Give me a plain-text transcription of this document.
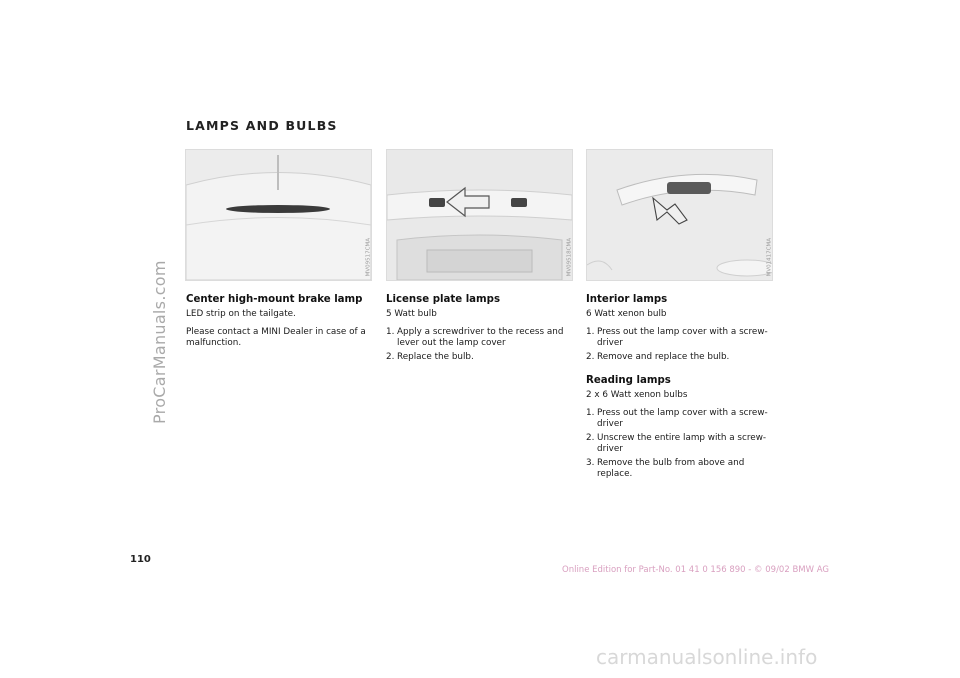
ProCarManuals.com
LAMPS AND BULBS
MV09517CMA	MV09518CMA	MV01417CMA
Center high-mount brake lamp

LED strip on the tailgate.

Please contact a MINI Dealer in case of a malfunction.

License plate lamps

5 Watt bulb

1. Apply a screwdriver to the recess and lever out the lamp cover
2. Replace the bulb.
Interior lamps

6 Watt xenon bulb

1. Press out the lamp cover with a screw-driver
2. Remove and replace the bulb.
Reading lamps

2 x 6 Watt xenon bulbs

1. Press out the lamp cover with a screw-driver
2. Unscrew the entire lamp with a screw-driver
3. Remove the bulb from above and replace.
110
Online Edition for Part-No. 01 41 0 156 890 - © 09/02 BMW AG
carmanualsonline.info
